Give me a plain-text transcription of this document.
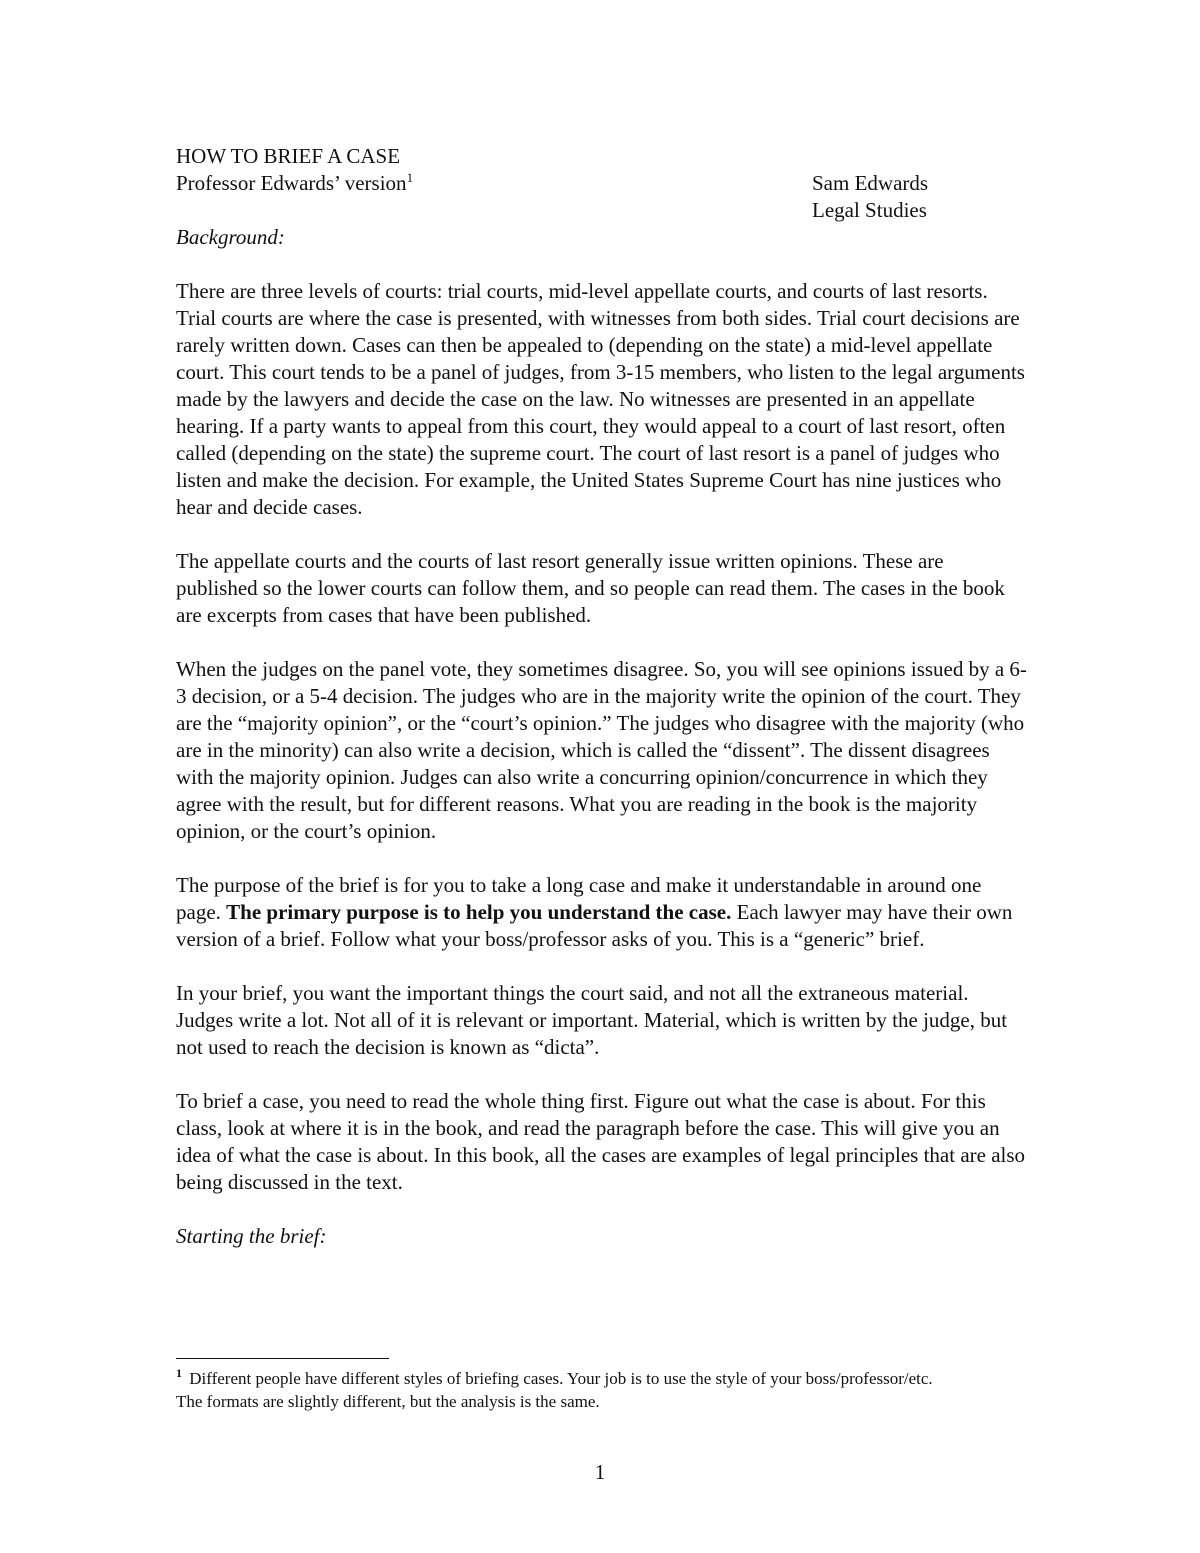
HOW TO BRIEF A CASE
Professor Edwards’ version$^1$	Sam Edwards
Legal Studies
Background:

There are three levels of courts: trial courts, mid-level appellate courts, and courts of last resorts. Trial courts are where the case is presented, with witnesses from both sides. Trial court decisions are rarely written down. Cases can then be appealed to (depending on the state) a mid-level appellate court. This court tends to be a panel of judges, from 3-15 members, who listen to the legal arguments made by the lawyers and decide the case on the law. No witnesses are presented in an appellate hearing. If a party wants to appeal from this court, they would appeal to a court of last resort, often called (depending on the state) the supreme court. The court of last resort is a panel of judges who listen and make the decision. For example, the United States Supreme Court has nine justices who hear and decide cases.

The appellate courts and the courts of last resort generally issue written opinions. These are published so the lower courts can follow them, and so people can read them. The cases in the book are excerpts from cases that have been published.

When the judges on the panel vote, they sometimes disagree. So, you will see opinions issued by a 6-3 decision, or a 5-4 decision. The judges who are in the majority write the opinion of the court. They are the “majority opinion”, or the “court’s opinion.” The judges who disagree with the majority (who are in the minority) can also write a decision, which is called the “dissent”. The dissent disagrees with the majority opinion. Judges can also write a concurring opinion/concurrence in which they agree with the result, but for different reasons. What you are reading in the book is the majority opinion, or the court’s opinion.

The purpose of the brief is for you to take a long case and make it understandable in around one page. The primary purpose is to help you understand the case. Each lawyer may have their own version of a brief. Follow what your boss/professor asks of you. This is a “generic” brief.

In your brief, you want the important things the court said, and not all the extraneous material. Judges write a lot. Not all of it is relevant or important. Material, which is written by the judge, but not used to reach the decision is known as “dicta”.

To brief a case, you need to read the whole thing first. Figure out what the case is about. For this class, look at where it is in the book, and read the paragraph before the case. This will give you an idea of what the case is about. In this book, all the cases are examples of legal principles that are also being discussed in the text.

Starting the brief:
$^1$ Different people have different styles of briefing cases. Your job is to use the style of your boss/professor/etc. The formats are slightly different, but the analysis is the same.
1
